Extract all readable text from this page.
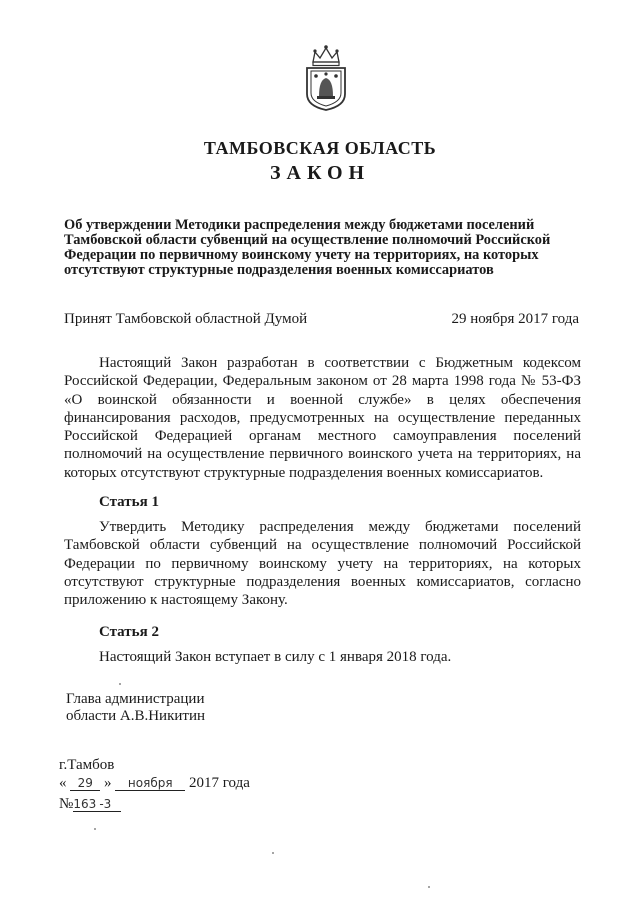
ТАМБОВСКАЯ ОБЛАСТЬ
ЗАКОН
Об утверждении Методики распределения между бюджетами поселений
Тамбовской области субвенций на осуществление полномочий Российской
Федерации по первичному воинскому учету на территориях, на которых
отсутствуют структурные подразделения военных комиссариатов
Принят Тамбовской областной Думой	29 ноября 2017 года
Настоящий Закон разработан в соответствии с Бюджетным кодексом
Российской Федерации, Федеральным законом от 28 марта 1998 года № 53-ФЗ
«О воинской обязанности и военной службе» в целях обеспечения
финансирования расходов, предусмотренных на осуществление переданных
Российской Федерацией органам местного самоуправления поселений
полномочий на осуществление первичного воинского учета на территориях, на
которых отсутствуют структурные подразделения военных комиссариатов.
Статья 1
Утвердить Методику распределения между бюджетами поселений
Тамбовской области субвенций на осуществление полномочий Российской
Федерации по первичному воинскому учету на территориях, на которых
отсутствуют структурные подразделения военных комиссариатов, согласно
приложению к настоящему Закону.
Статья 2
Настоящий Закон вступает в силу с 1 января 2018 года.
Глава администрации
области А.В.Никитин
г.Тамбов
« 29 » ноября 2017 года
№163 -3
